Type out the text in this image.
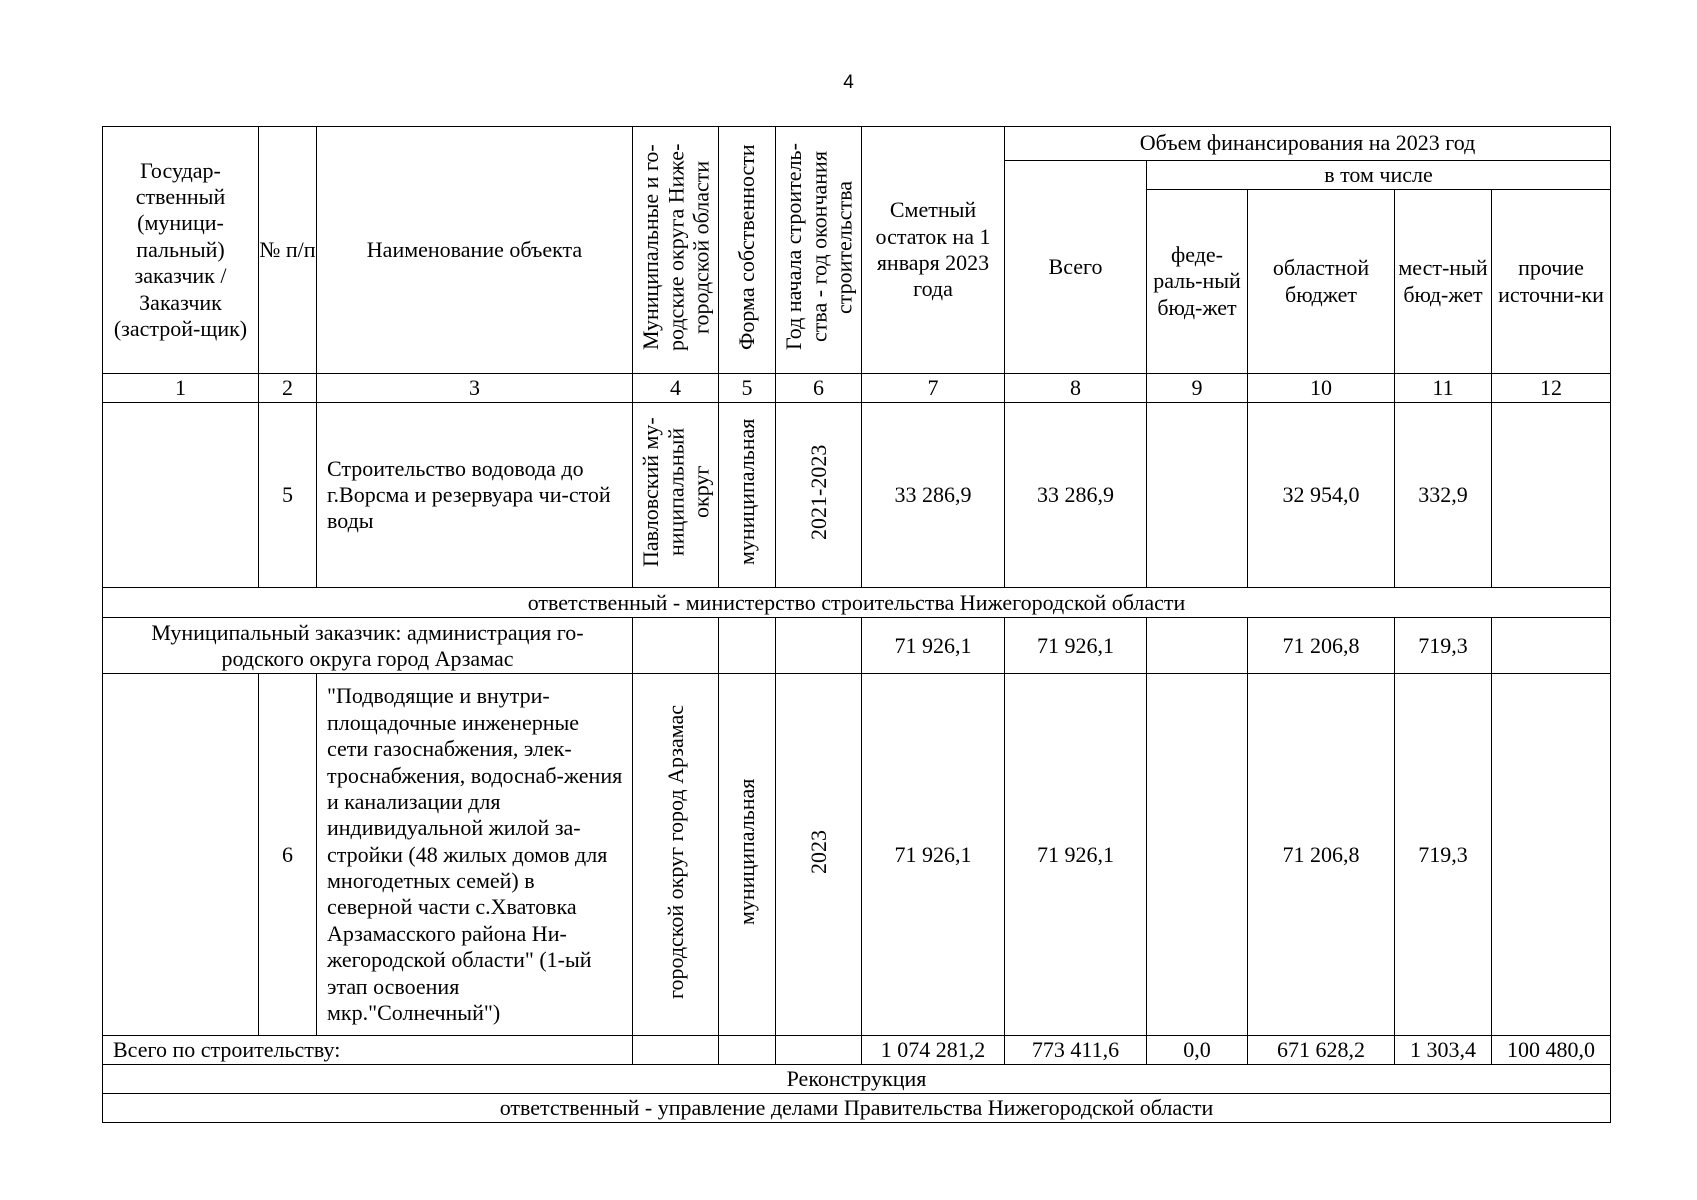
4
Государ-ственный (муници-пальный) заказчик / Заказчик (застрой-щик)	№ п/п	Наименование объекта	Муниципальные и го-родские округа Ниже-городской области	Форма собственности	Год начала строитель-ства - год окончания строительства	Сметный остаток на 1 января 2023 года	Объем финансирования на 2023 год				
							Всего	в том числе			
								феде-раль-ный бюд-жет	областной бюджет	мест-ный бюд-жет	прочие источни-ки
1	2	3	4	5	6	7	8	9	10	11	12
	5	Строительство водовода до г.Ворсма и резервуара чи-стой воды	Павловский му-ниципальный округ	муниципальная	2021-2023	33 286,9	33 286,9		32 954,0	332,9	
ответственный - министерство строительства Нижегородской области											
Муниципальный заказчик: администрация го-родского округа город Арзамас						71 926,1	71 926,1		71 206,8	719,3	
	6	"Подводящие и внутри-площадочные инженерные сети газоснабжения, элек-троснабжения, водоснаб-жения и канализации для индивидуальной жилой за-стройки (48 жилых домов для многодетных семей) в северной части с.Хватовка Арзамасского района Ни-жегородской области" (1-ый этап освоения мкр."Солнечный")	городской округ город Арзамас	муниципальная	2023	71 926,1	71 926,1		71 206,8	719,3	
Всего по строительству:						1 074 281,2	773 411,6	0,0	671 628,2	1 303,4	100 480,0
Реконструкция											
ответственный - управление делами Правительства Нижегородской области											
